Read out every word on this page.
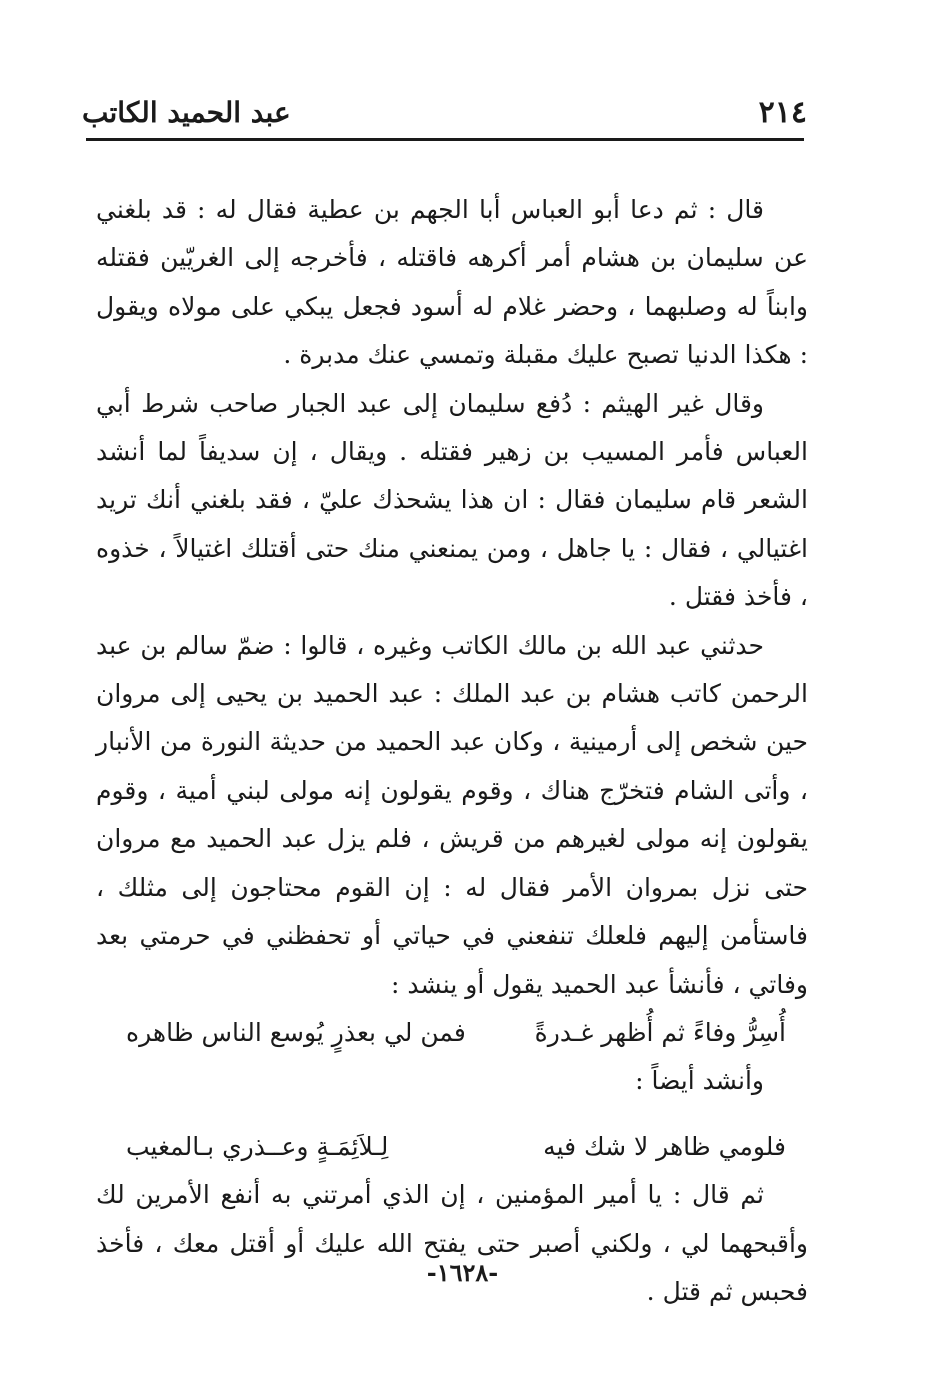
٢١٤
عبد الحميد الكاتب

قال : ثم دعا أبو العباس أبا الجهم بن عطية فقال له : قد بلغني عن سليمان بن هشام أمر أكرهه فاقتله ، فأخرجه إلى الغريّين فقتله وابناً له وصلبهما ، وحضر غلام له أسود فجعل يبكي على مولاه ويقول : هكذا الدنيا تصبح عليك مقبلة وتمسي عنك مدبرة .

وقال غير الهيثم : دُفع سليمان إلى عبد الجبار صاحب شرط أبي العباس فأمر المسيب بن زهير فقتله . ويقال ، إن سديفاً لما أنشد الشعر قام سليمان فقال : ان هذا يشحذك عليّ ، فقد بلغني أنك تريد اغتيالي ، فقال : يا جاهل ، ومن يمنعني منك حتى أقتلك اغتيالاً ، خذوه ، فأخذ فقتل .

حدثني عبد الله بن مالك الكاتب وغيره ، قالوا : ضمّ سالم بن عبد الرحمن كاتب هشام بن عبد الملك : عبد الحميد بن يحيى إلى مروان حين شخص إلى أرمينية ، وكان عبد الحميد من حديثة النورة من الأنبار ، وأتى الشام فتخرّج هناك ، وقوم يقولون إنه مولى لبني أمية ، وقوم يقولون إنه مولى لغيرهم من قريش ، فلم يزل عبد الحميد مع مروان حتى نزل بمروان الأمر فقال له : إن القوم محتاجون إلى مثلك ، فاستأمن إليهم فلعلك تنفعني في حياتي أو تحفظني في حرمتي بعد وفاتي ، فأنشأ عبد الحميد يقول أو ينشد :

أُسِرُّ وفاءً ثم أُظهر غـدرةً
فمن لي بعذرٍ يُوسع الناس ظاهره

وأنشد أيضاً :

فلومي ظاهر لا شك فيه
لِـلاَئِمَـةٍ وعــذري بـالمغيب

ثم قال : يا أمير المؤمنين ، إن الذي أمرتني به أنفع الأمرين لك وأقبحهما لي ، ولكني أصبر حتى يفتح الله عليك أو أقتل معك ، فأخذ فحبس ثم قتل .

-١٦٢٨-
